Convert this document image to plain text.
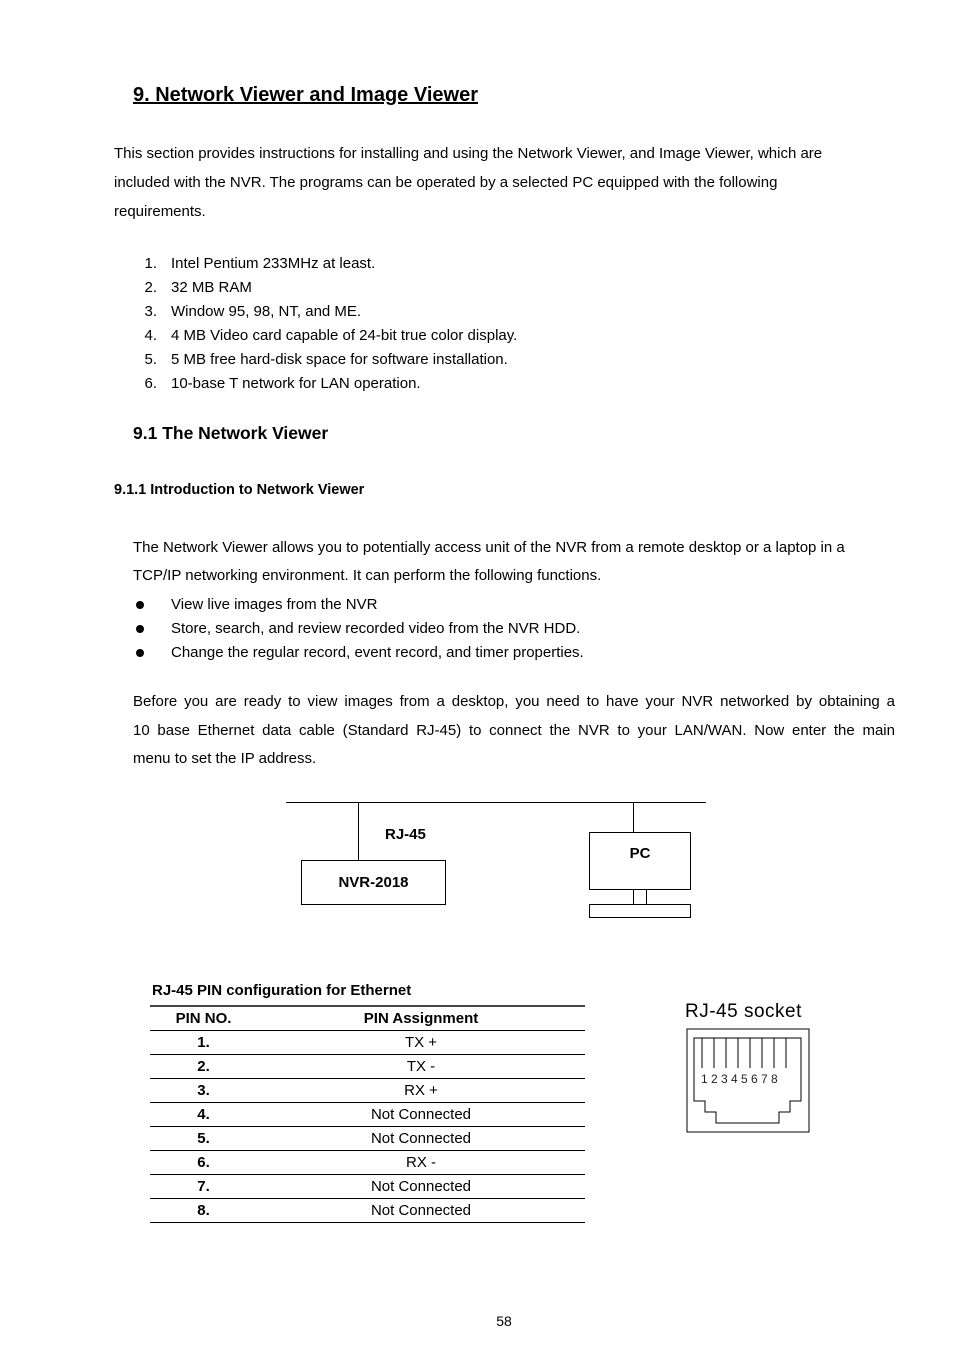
9. Network Viewer and Image Viewer
This section provides instructions for installing and using the Network Viewer, and Image Viewer, which are
included with the NVR. The programs can be operated by a selected PC equipped with the following
requirements.
1. Intel Pentium 233MHz at least.
2. 32 MB RAM
3. Window 95, 98, NT, and ME.
4. 4 MB Video card capable of 24-bit true color display.
5. 5 MB free hard-disk space for software installation.
6. 10-base T network for LAN operation.
9.1 The Network Viewer
9.1.1 Introduction to Network Viewer
The Network Viewer allows you to potentially access unit of the NVR from a remote desktop or a laptop in a
TCP/IP networking environment. It can perform the following functions.
View live images from the NVR
Store, search, and review recorded video from the NVR HDD.
Change the regular record, event record, and timer properties.
Before you are ready to view images from a desktop, you need to have your NVR networked by obtaining a
10 base Ethernet data cable (Standard RJ-45) to connect the NVR to your LAN/WAN. Now enter the main
menu to set the IP address.
RJ-45
NVR-2018
PC
RJ-45 PIN configuration for Ethernet
PIN NO.	PIN Assignment
1.	TX +
2.	TX -
3.	RX +
4.	Not Connected
5.	Not Connected
6.	RX -
7.	Not Connected
8.	Not Connected
RJ-45 socket
1 2 3 4 5 6 7 8
58
